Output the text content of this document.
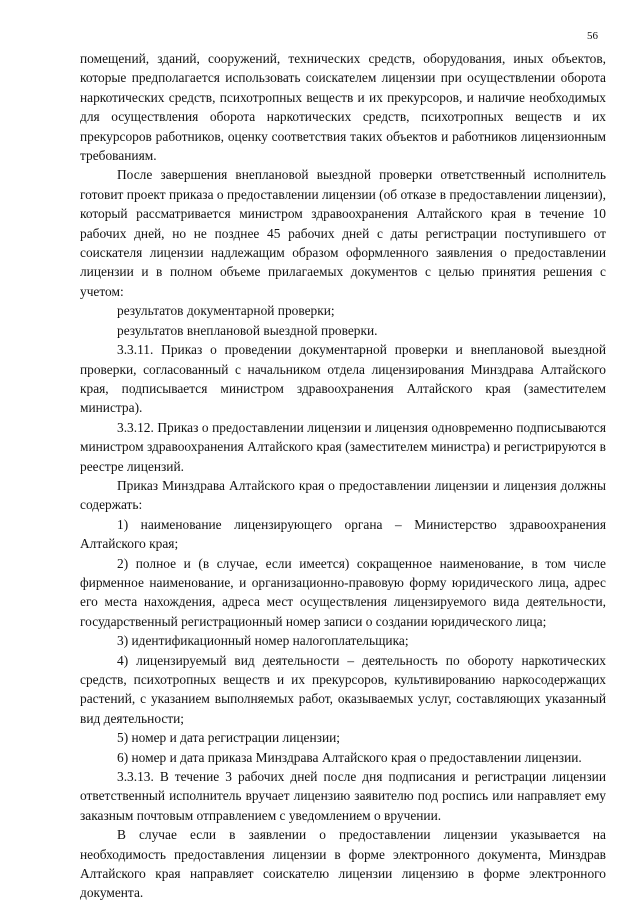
56

помещений, зданий, сооружений, технических средств, оборудования, иных объектов, которые предполагается использовать соискателем лицензии при осуществлении оборота наркотических средств, психотропных веществ и их прекурсоров, и наличие необходимых для осуществления оборота наркотических средств, психотропных веществ и их прекурсоров работников, оценку соответствия таких объектов и работников лицензионным требованиям.

После завершения внеплановой выездной проверки ответственный исполнитель готовит проект приказа о предоставлении лицензии (об отказе в предоставлении лицензии), который рассматривается министром здравоохранения Алтайского края в течение 10 рабочих дней, но не позднее 45 рабочих дней с даты регистрации поступившего от соискателя лицензии надлежащим образом оформленного заявления о предоставлении лицензии и в полном объеме прилагаемых документов с целью принятия решения с учетом:

результатов документарной проверки;

результатов внеплановой выездной проверки.

3.3.11. Приказ о проведении документарной проверки и внеплановой выездной проверки, согласованный с начальником отдела лицензирования Минздрава Алтайского края, подписывается министром здравоохранения Алтайского края (заместителем министра).

3.3.12. Приказ о предоставлении лицензии и лицензия одновременно подписываются министром здравоохранения Алтайского края (заместителем министра) и регистрируются в реестре лицензий.

Приказ Минздрава Алтайского края о предоставлении лицензии и лицензия должны содержать:

1) наименование лицензирующего органа – Министерство здравоохранения Алтайского края;

2) полное и (в случае, если имеется) сокращенное наименование, в том числе фирменное наименование, и организационно-правовую форму юридического лица, адрес его места нахождения, адреса мест осуществления лицензируемого вида деятельности, государственный регистрационный номер записи о создании юридического лица;

3) идентификационный номер налогоплательщика;

4) лицензируемый вид деятельности – деятельность по обороту наркотических средств, психотропных веществ и их прекурсоров, культивированию наркосодержащих растений, с указанием выполняемых работ, оказываемых услуг, составляющих указанный вид деятельности;

5) номер и дата регистрации лицензии;

6) номер и дата приказа Минздрава Алтайского края о предоставлении лицензии.

3.3.13. В течение 3 рабочих дней после дня подписания и регистрации лицензии ответственный исполнитель вручает лицензию заявителю под роспись или направляет ему заказным почтовым отправлением с уведомлением о вручении.

В случае если в заявлении о предоставлении лицензии указывается на необходимость предоставления лицензии в форме электронного документа, Минздрав Алтайского края направляет соискателю лицензии лицензию в форме электронного документа.
